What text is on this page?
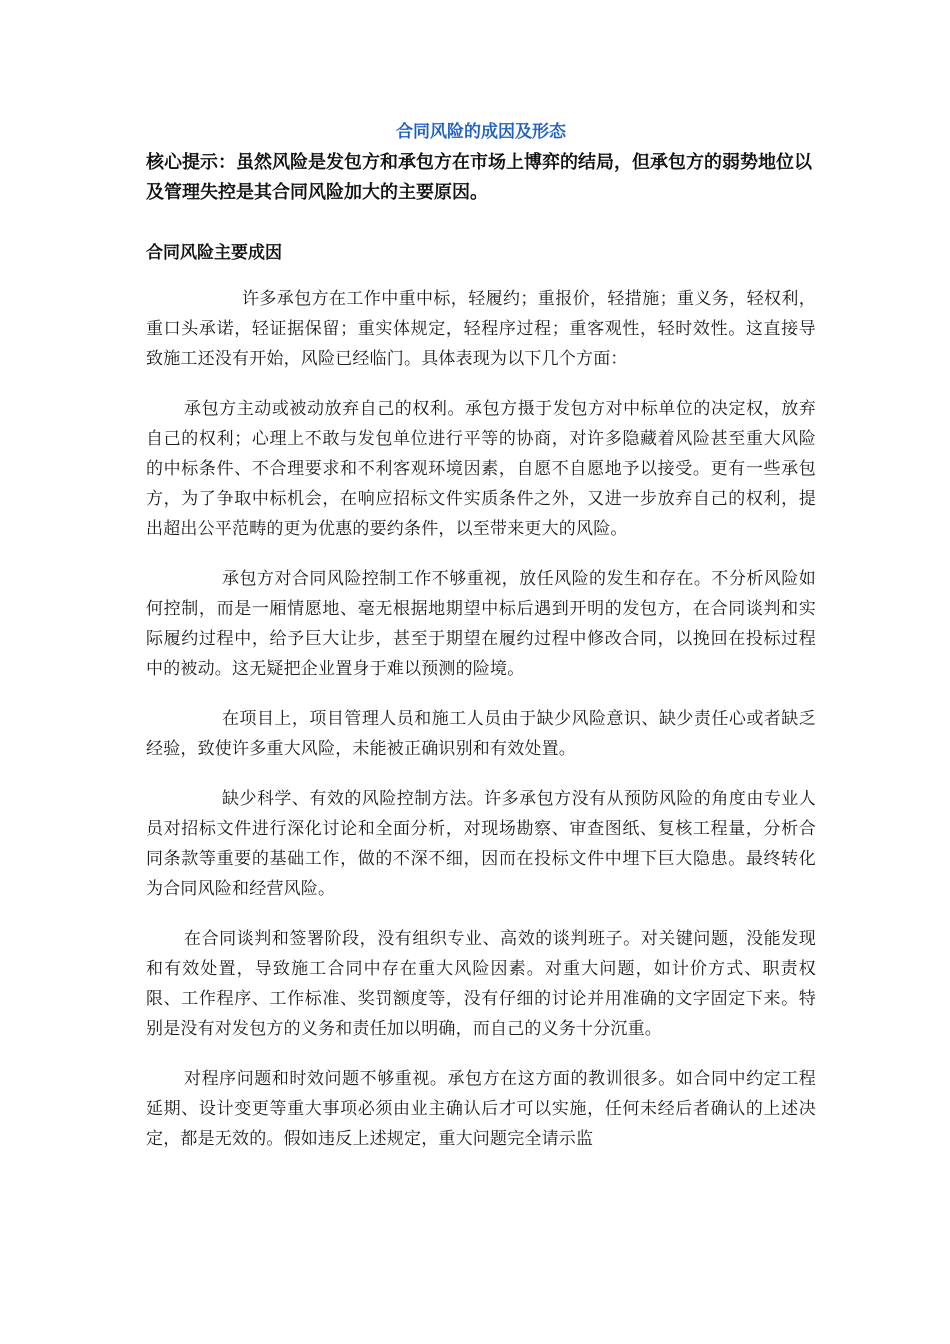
合同风险的成因及形态

核心提示：虽然风险是发包方和承包方在市场上博弈的结局，但承包方的弱势地位以及管理失控是其合同风险加大的主要原因。

合同风险主要成因

许多承包方在工作中重中标，轻履约；重报价，轻措施；重义务，轻权利，重口头承诺，轻证据保留；重实体规定，轻程序过程；重客观性，轻时效性。这直接导致施工还没有开始，风险已经临门。具体表现为以下几个方面：

承包方主动或被动放弃自己的权利。承包方摄于发包方对中标单位的决定权，放弃自己的权利；心理上不敢与发包单位进行平等的协商，对许多隐藏着风险甚至重大风险的中标条件、不合理要求和不利客观环境因素，自愿不自愿地予以接受。更有一些承包方，为了争取中标机会，在响应招标文件实质条件之外，又进一步放弃自己的权利，提出超出公平范畴的更为优惠的要约条件，以至带来更大的风险。

承包方对合同风险控制工作不够重视，放任风险的发生和存在。不分析风险如何控制，而是一厢情愿地、毫无根据地期望中标后遇到开明的发包方，在合同谈判和实际履约过程中，给予巨大让步，甚至于期望在履约过程中修改合同，以挽回在投标过程中的被动。这无疑把企业置身于难以预测的险境。

在项目上，项目管理人员和施工人员由于缺少风险意识、缺少责任心或者缺乏经验，致使许多重大风险，未能被正确识别和有效处置。

缺少科学、有效的风险控制方法。许多承包方没有从预防风险的角度由专业人员对招标文件进行深化讨论和全面分析，对现场勘察、审查图纸、复核工程量，分析合同条款等重要的基础工作，做的不深不细，因而在投标文件中埋下巨大隐患。最终转化为合同风险和经营风险。

在合同谈判和签署阶段，没有组织专业、高效的谈判班子。对关键问题，没能发现和有效处置，导致施工合同中存在重大风险因素。对重大问题，如计价方式、职责权限、工作程序、工作标准、奖罚额度等，没有仔细的讨论并用准确的文字固定下来。特别是没有对发包方的义务和责任加以明确，而自己的义务十分沉重。

对程序问题和时效问题不够重视。承包方在这方面的教训很多。如合同中约定工程延期、设计变更等重大事项必须由业主确认后才可以实施，任何未经后者确认的上述决定，都是无效的。假如违反上述规定，重大问题完全请示监
